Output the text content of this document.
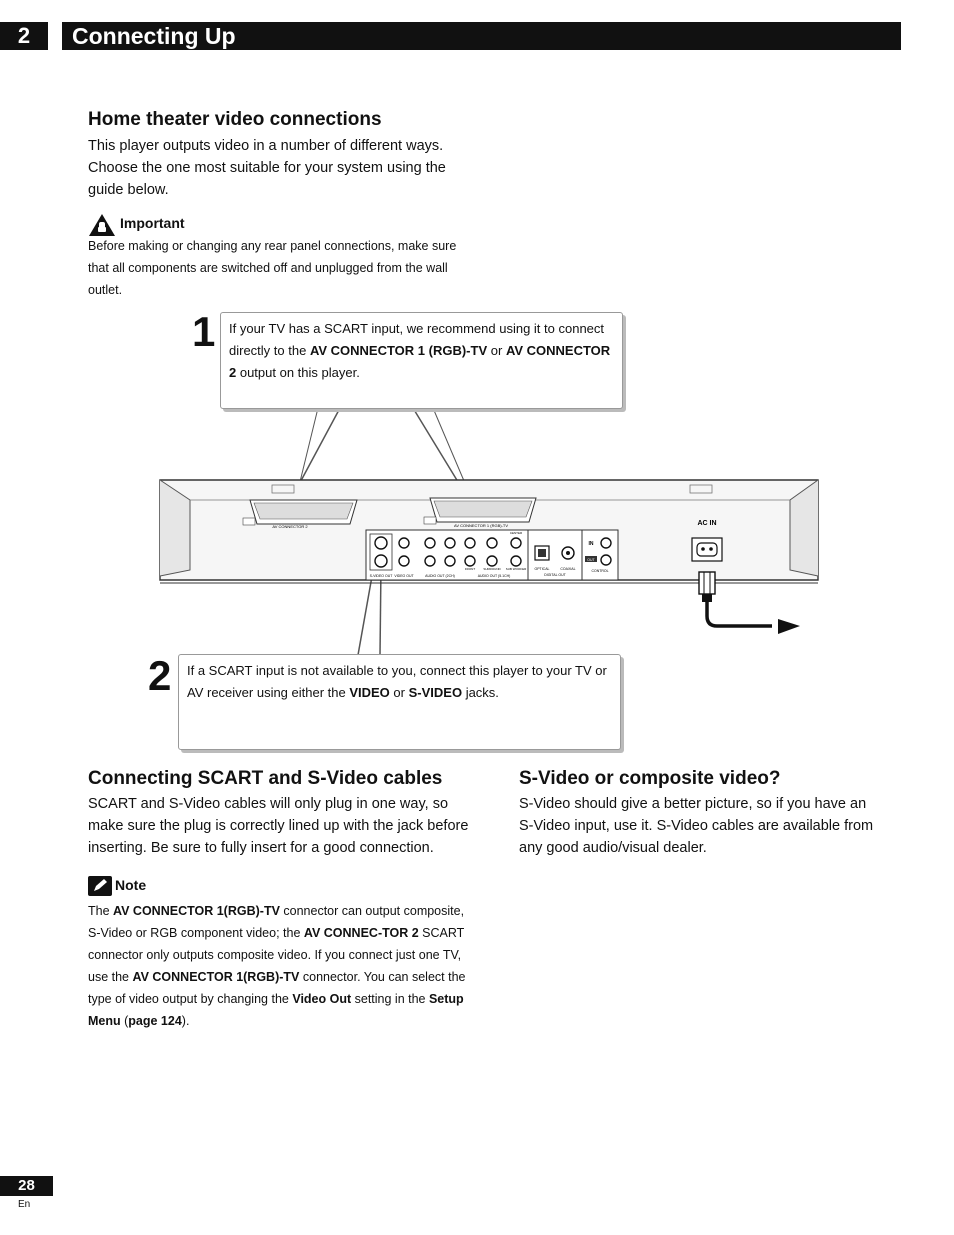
2	Connecting Up
Home theater video connections

This player outputs video in a number of different ways. Choose the one most suitable for your system using the guide below.

Important

Before making or changing any rear panel connections, make sure that all components are switched off and unplugged from the wall outlet.

1
2
AV CONNECTOR 2	AV CONNECTOR 1 (RGB)-TV
S-VIDEO OUT VIDEO OUT	AUDIO OUT (2CH)
FRONT	SURROUND
CENTER
SUB WOOFER
AUDIO OUT (5.1CH)
OPTICAL	COAXIAL
DIGITAL OUT
IN
OUT
CONTROL
AC IN
If your TV has a SCART input, we recommend using it to connect directly to the AV CONNECTOR 1 (RGB)-TV or AV CONNECTOR 2 output on this player.
If a SCART input is not available to you, connect this player to your TV or AV receiver using either the VIDEO or S-VIDEO jacks.
Connecting SCART and S-Video cables

SCART and S-Video cables will only plug in one way, so make sure the plug is correctly lined up with the jack before inserting. Be sure to fully insert for a good connection.

Note

The AV CONNECTOR 1(RGB)-TV connector can output composite, S-Video or RGB component video; the AV CONNEC-TOR 2 SCART connector only outputs composite video. If you connect just one TV, use the AV CONNECTOR 1(RGB)-TV connector. You can select the type of video output by changing the Video Out setting in the Setup Menu (page 124).

S-Video or composite video?

S-Video should give a better picture, so if you have an S-Video input, use it. S-Video cables are available from any good audio/visual dealer.

28
En
